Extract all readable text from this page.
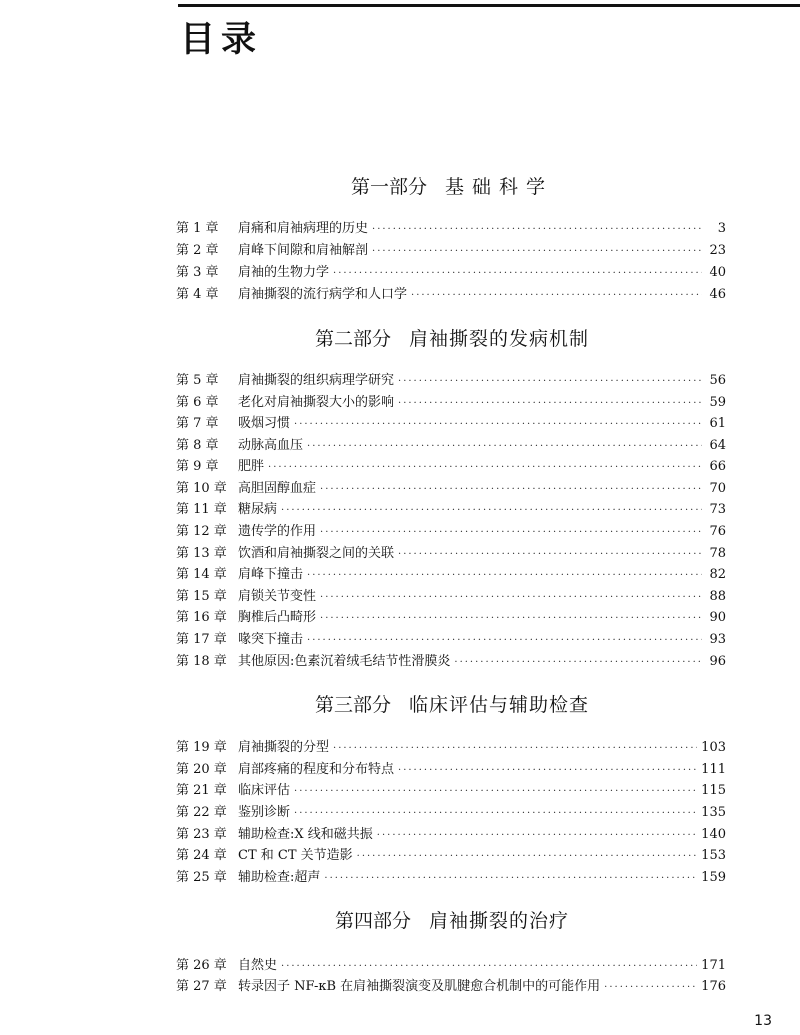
目录
第一部分 基础科学
第 1 章	肩痛和肩袖病理的历史 ·····	3
第 2 章	肩峰下间隙和肩袖解剖 ·····	23
第 3 章	肩袖的生物力学 ·····	40
第 4 章	肩袖撕裂的流行病学和人口学 ·····	46
第二部分 肩袖撕裂的发病机制
第 5 章	肩袖撕裂的组织病理学研究 ·····	56
第 6 章	老化对肩袖撕裂大小的影响 ·····	59
第 7 章	吸烟习惯 ·····	61
第 8 章	动脉高血压 ·····	64
第 9 章	肥胖 ·····	66
第 10 章 高胆固醇血症 ·····	70
第 11 章 糖尿病 ·····	73
第 12 章 遗传学的作用 ·····	76
第 13 章 饮酒和肩袖撕裂之间的关联 ·····	78
第 14 章 肩峰下撞击 ·····	82
第 15 章 肩锁关节变性 ·····	88
第 16 章 胸椎后凸畸形 ·····	90
第 17 章 喙突下撞击 ·····	93
第 18 章 其他原因:色素沉着绒毛结节性滑膜炎 ·····	96
第三部分 临床评估与辅助检查
第 19 章 肩袖撕裂的分型 ·····	103
第 20 章 肩部疼痛的程度和分布特点 ·····	111
第 21 章 临床评估 ·····	115
第 22 章 鉴别诊断 ·····	135
第 23 章 辅助检查:X 线和磁共振 ·····	140
第 24 章 CT 和 CT 关节造影 ·····	153
第 25 章 辅助检查:超声 ·····	159
第四部分 肩袖撕裂的治疗
第 26 章 自然史 ·····	171
第 27 章 转录因子 NF-κB 在肩袖撕裂演变及肌腱愈合机制中的可能作用 ·····	176
13
